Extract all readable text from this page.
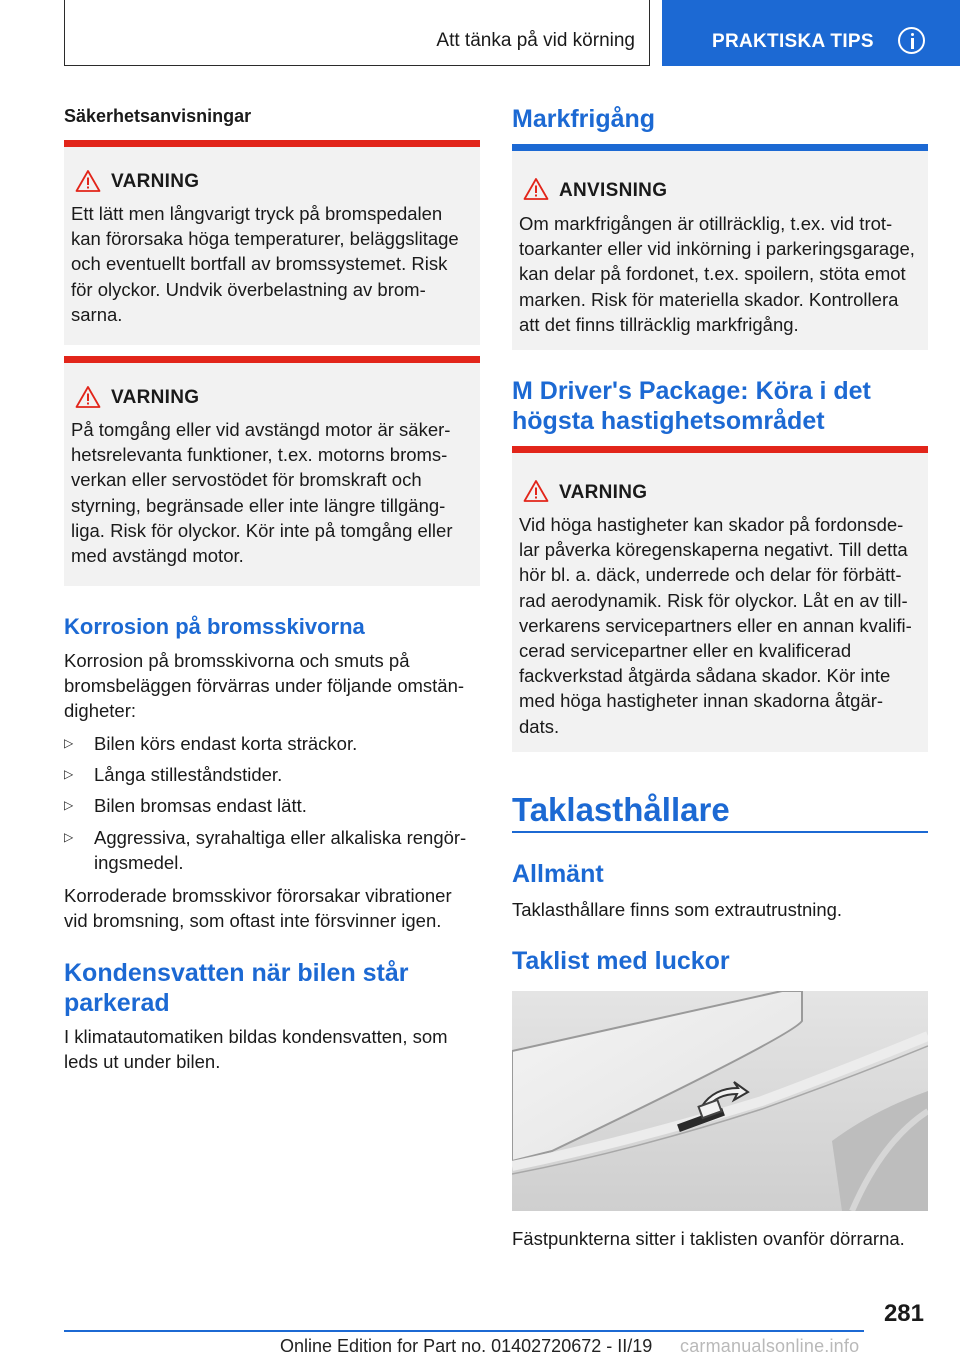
Att tänka på vid körning	PRAKTISKA TIPS
Säkerhetsanvisningar
VARNING
Ett lätt men långvarigt tryck på bromspedalen
kan förorsaka höga temperaturer, beläggslitage
och eventuellt bortfall av bromssystemet. Risk
för olyckor. Undvik överbelastning av brom-
sarna.
VARNING
På tomgång eller vid avstängd motor är säker-
hetsrelevanta funktioner, t.ex. motorns broms-
verkan eller servostödet för bromskraft och
styrning, begränsade eller inte längre tillgäng-
liga. Risk för olyckor. Kör inte på tomgång eller
med avstängd motor.
Korrosion på bromsskivorna
Korrosion på bromsskivorna och smuts på
bromsbeläggen förvärras under följande omstän-
digheter:
▷ Bilen körs endast korta sträckor.
▷ Långa stilleståndstider.
▷ Bilen bromsas endast lätt.
▷ Aggressiva, syrahaltiga eller alkaliska rengör-
ingsmedel.
Korroderade bromsskivor förorsakar vibrationer
vid bromsning, som oftast inte försvinner igen.
Kondensvatten när bilen står
parkerad
I klimatautomatiken bildas kondensvatten, som
leds ut under bilen.
Markfrigång
ANVISNING
Om markfrigången är otillräcklig, t.ex. vid trot-
toarkanter eller vid inkörning i parkeringsgarage,
kan delar på fordonet, t.ex. spoilern, stöta emot
marken. Risk för materiella skador. Kontrollera
att det finns tillräcklig markfrigång.
M Driver's Package: Köra i det
högsta hastighetsområdet
VARNING
Vid höga hastigheter kan skador på fordonsde-
lar påverka köregenskaperna negativt. Till detta
hör bl. a. däck, underrede och delar för förbätt-
rad aerodynamik. Risk för olyckor. Låt en av till-
verkarens servicepartners eller en annan kvalifi-
cerad servicepartner eller en kvalificerad
fackverkstad åtgärda sådana skador. Kör inte
med höga hastigheter innan skadorna åtgär-
dats.
Taklasthållare
Allmänt
Taklasthållare finns som extrautrustning.
Taklist med luckor
Fästpunkterna sitter i taklisten ovanför dörrarna.
281
Online Edition for Part no. 01402720672 - II/19 carmanualsonline.info
